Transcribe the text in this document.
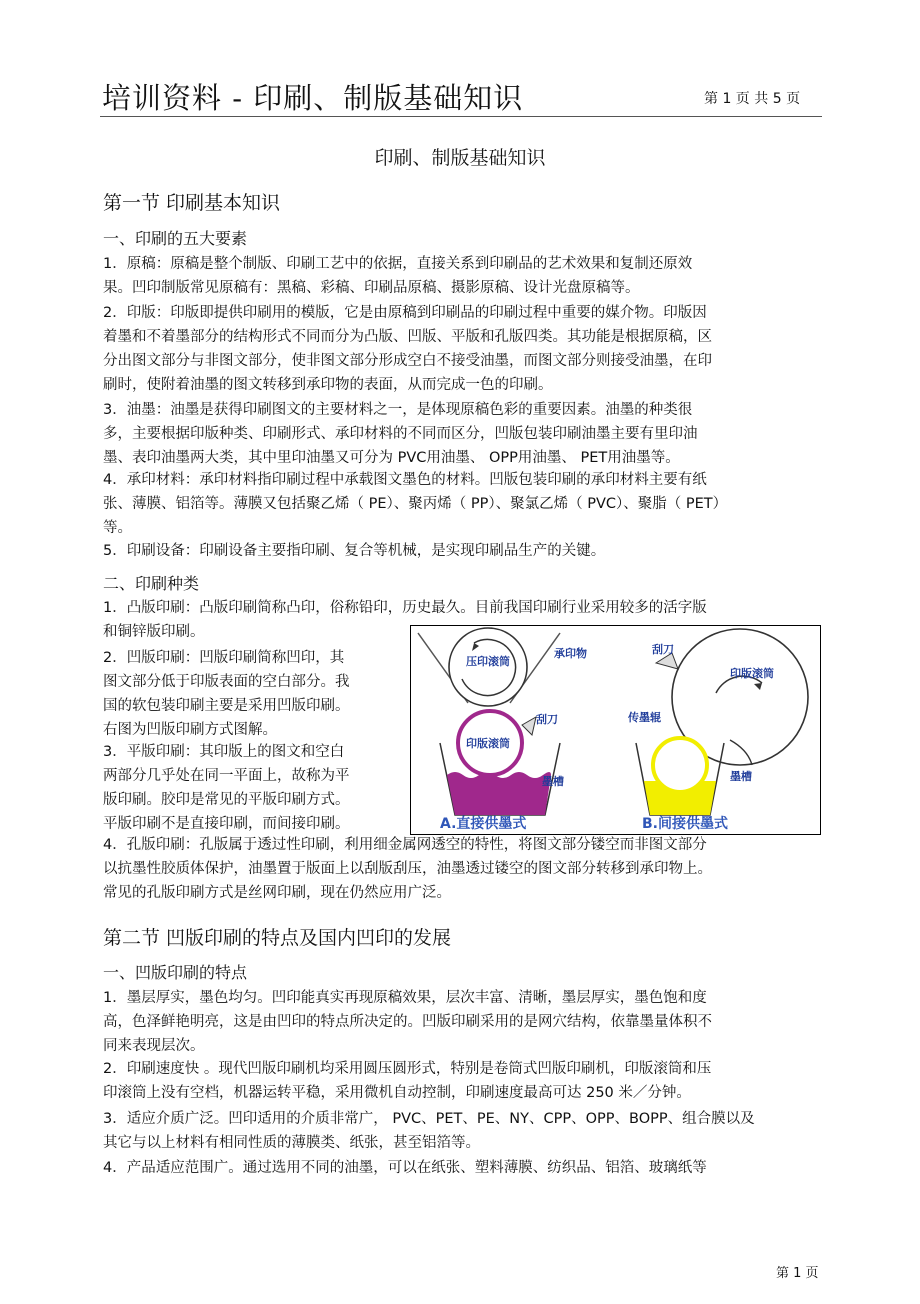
培训资料 - 印刷、制版基础知识	第 1 页 共 5 页
印刷、制版基础知识
第一节 印刷基本知识
一、印刷的五大要素
1．原稿：原稿是整个制版、印刷工艺中的依据，直接关系到印刷品的艺术效果和复制还原效
果。凹印制版常见原稿有：黑稿、彩稿、印刷品原稿、摄影原稿、设计光盘原稿等。
2．印版：印版即提供印刷用的模版，它是由原稿到印刷品的印刷过程中重要的媒介物。印版因
着墨和不着墨部分的结构形式不同而分为凸版、凹版、平版和孔版四类。其功能是根据原稿，区
分出图文部分与非图文部分，使非图文部分形成空白不接受油墨，而图文部分则接受油墨，在印
刷时，使附着油墨的图文转移到承印物的表面，从而完成一色的印刷。
3．油墨：油墨是获得印刷图文的主要材料之一，是体现原稿色彩的重要因素。油墨的种类很
多，主要根据印版种类、印刷形式、承印材料的不同而区分，凹版包装印刷油墨主要有里印油
墨、表印油墨两大类，其中里印油墨又可分为 PVC用油墨、 OPP用油墨、 PET用油墨等。
4．承印材料：承印材料指印刷过程中承载图文墨色的材料。凹版包装印刷的承印材料主要有纸
张、薄膜、铝箔等。薄膜又包括聚乙烯（ PE）、聚丙烯（ PP）、聚氯乙烯（ PVC）、聚脂（ PET）
等。
5．印刷设备：印刷设备主要指印刷、复合等机械，是实现印刷品生产的关键。
二、印刷种类
1．凸版印刷：凸版印刷简称凸印，俗称铅印，历史最久。目前我国印刷行业采用较多的活字版
和铜锌版印刷。
2．凹版印刷：凹版印刷简称凹印，其
图文部分低于印版表面的空白部分。我
国的软包装印刷主要是采用凹版印刷。
右图为凹版印刷方式图解。
3．平版印刷：其印版上的图文和空白
两部分几乎处在同一平面上，故称为平
版印刷。胶印是常见的平版印刷方式。
平版印刷不是直接印刷，而间接印刷。
压印滚筒
承印物
刮刀
印版滚筒
墨槽
刮刀
印版滚筒
传墨辊
墨槽
A.直接供墨式	B.间接供墨式
4．孔版印刷：孔版属于透过性印刷，利用细金属网透空的特性，将图文部分镂空而非图文部分
以抗墨性胶质体保护，油墨置于版面上以刮版刮压，油墨透过镂空的图文部分转移到承印物上。
常见的孔版印刷方式是丝网印刷，现在仍然应用广泛。
第二节 凹版印刷的特点及国内凹印的发展
一、凹版印刷的特点
1．墨层厚实，墨色均匀。凹印能真实再现原稿效果，层次丰富、清晰，墨层厚实，墨色饱和度
高，色泽鲜艳明亮，这是由凹印的特点所决定的。凹版印刷采用的是网穴结构，依靠墨量体积不
同来表现层次。
2．印刷速度快 。现代凹版印刷机均采用圆压圆形式，特别是卷筒式凹版印刷机，印版滚筒和压
印滚筒上没有空档，机器运转平稳，采用微机自动控制，印刷速度最高可达 250 米／分钟。
3．适应介质广泛。凹印适用的介质非常广， PVC、PET、PE、NY、CPP、OPP、BOPP、组合膜以及
其它与以上材料有相同性质的薄膜类、纸张，甚至铝箔等。
4．产品适应范围广。通过选用不同的油墨，可以在纸张、塑料薄膜、纺织品、铝箔、玻璃纸等
第 1 页
